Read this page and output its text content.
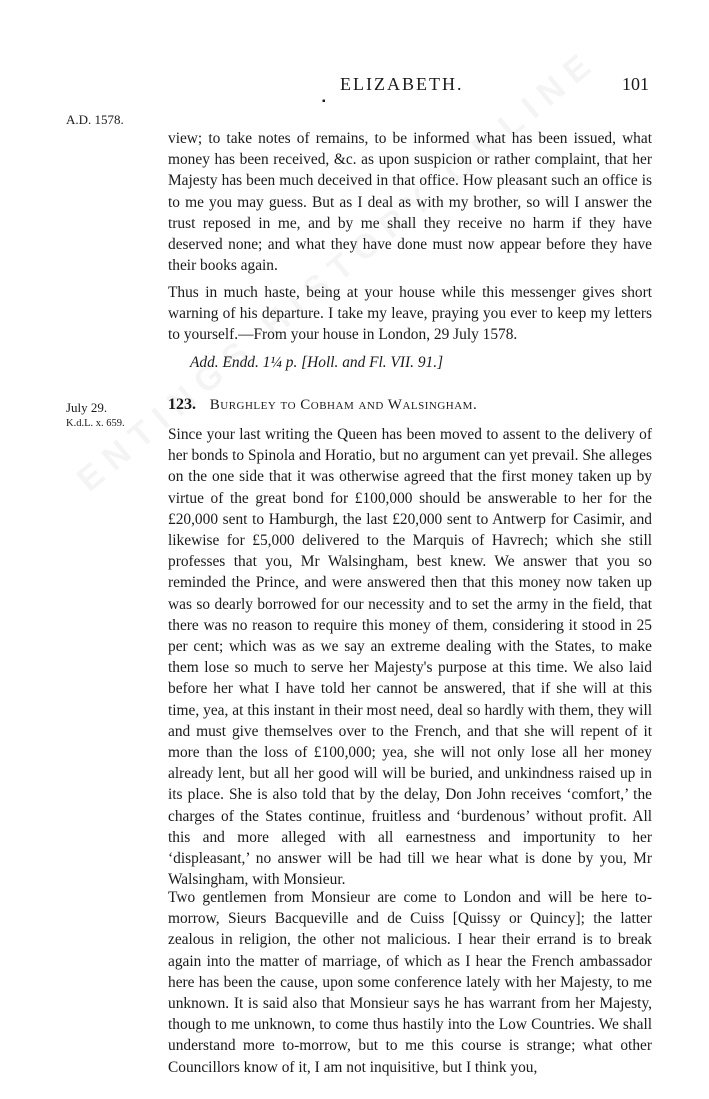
ELIZABETH.	101
▪
A.D. 1578.
view; to take notes of remains, to be informed what has been issued, what money has been received, &c. as upon suspicion or rather complaint, that her Majesty has been much deceived in that office. How pleasant such an office is to me you may guess. But as I deal as with my brother, so will I answer the trust reposed in me, and by me shall they receive no harm if they have deserved none; and what they have done must now appear before they have their books again.
Thus in much haste, being at your house while this messenger gives short warning of his departure. I take my leave, praying you ever to keep my letters to yourself.—From your house in London, 29 July 1578.
Add. Endd. 1¼ p. [Holl. and Fl. VII. 91.]
July 29.
K.d.L. x. 659.
123. Burghley to Cobham and Walsingham.
Since your last writing the Queen has been moved to assent to the delivery of her bonds to Spinola and Horatio, but no argument can yet prevail. She alleges on the one side that it was otherwise agreed that the first money taken up by virtue of the great bond for £100,000 should be answerable to her for the £20,000 sent to Hamburgh, the last £20,000 sent to Antwerp for Casimir, and likewise for £5,000 delivered to the Marquis of Havrech; which she still professes that you, Mr Walsingham, best knew. We answer that you so reminded the Prince, and were answered then that this money now taken up was so dearly borrowed for our necessity and to set the army in the field, that there was no reason to require this money of them, considering it stood in 25 per cent; which was as we say an extreme dealing with the States, to make them lose so much to serve her Majesty's purpose at this time. We also laid before her what I have told her cannot be answered, that if she will at this time, yea, at this instant in their most need, deal so hardly with them, they will and must give themselves over to the French, and that she will repent of it more than the loss of £100,000; yea, she will not only lose all her money already lent, but all her good will will be buried, and unkindness raised up in its place. She is also told that by the delay, Don John receives ‘comfort,’ the charges of the States continue, fruitless and ‘burdenous’ without profit. All this and more alleged with all earnestness and importunity to her ‘displeasant,’ no answer will be had till we hear what is done by you, Mr Walsingham, with Monsieur.
Two gentlemen from Monsieur are come to London and will be here to-morrow, Sieurs Bacqueville and de Cuiss [Quissy or Quincy]; the latter zealous in religion, the other not malicious. I hear their errand is to break again into the matter of marriage, of which as I hear the French ambassador here has been the cause, upon some conference lately with her Majesty, to me unknown. It is said also that Monsieur says he has warrant from her Majesty, though to me unknown, to come thus hastily into the Low Countries. We shall understand more to-morrow, but to me this course is strange; what other Councillors know of it, I am not inquisitive, but I think you,
